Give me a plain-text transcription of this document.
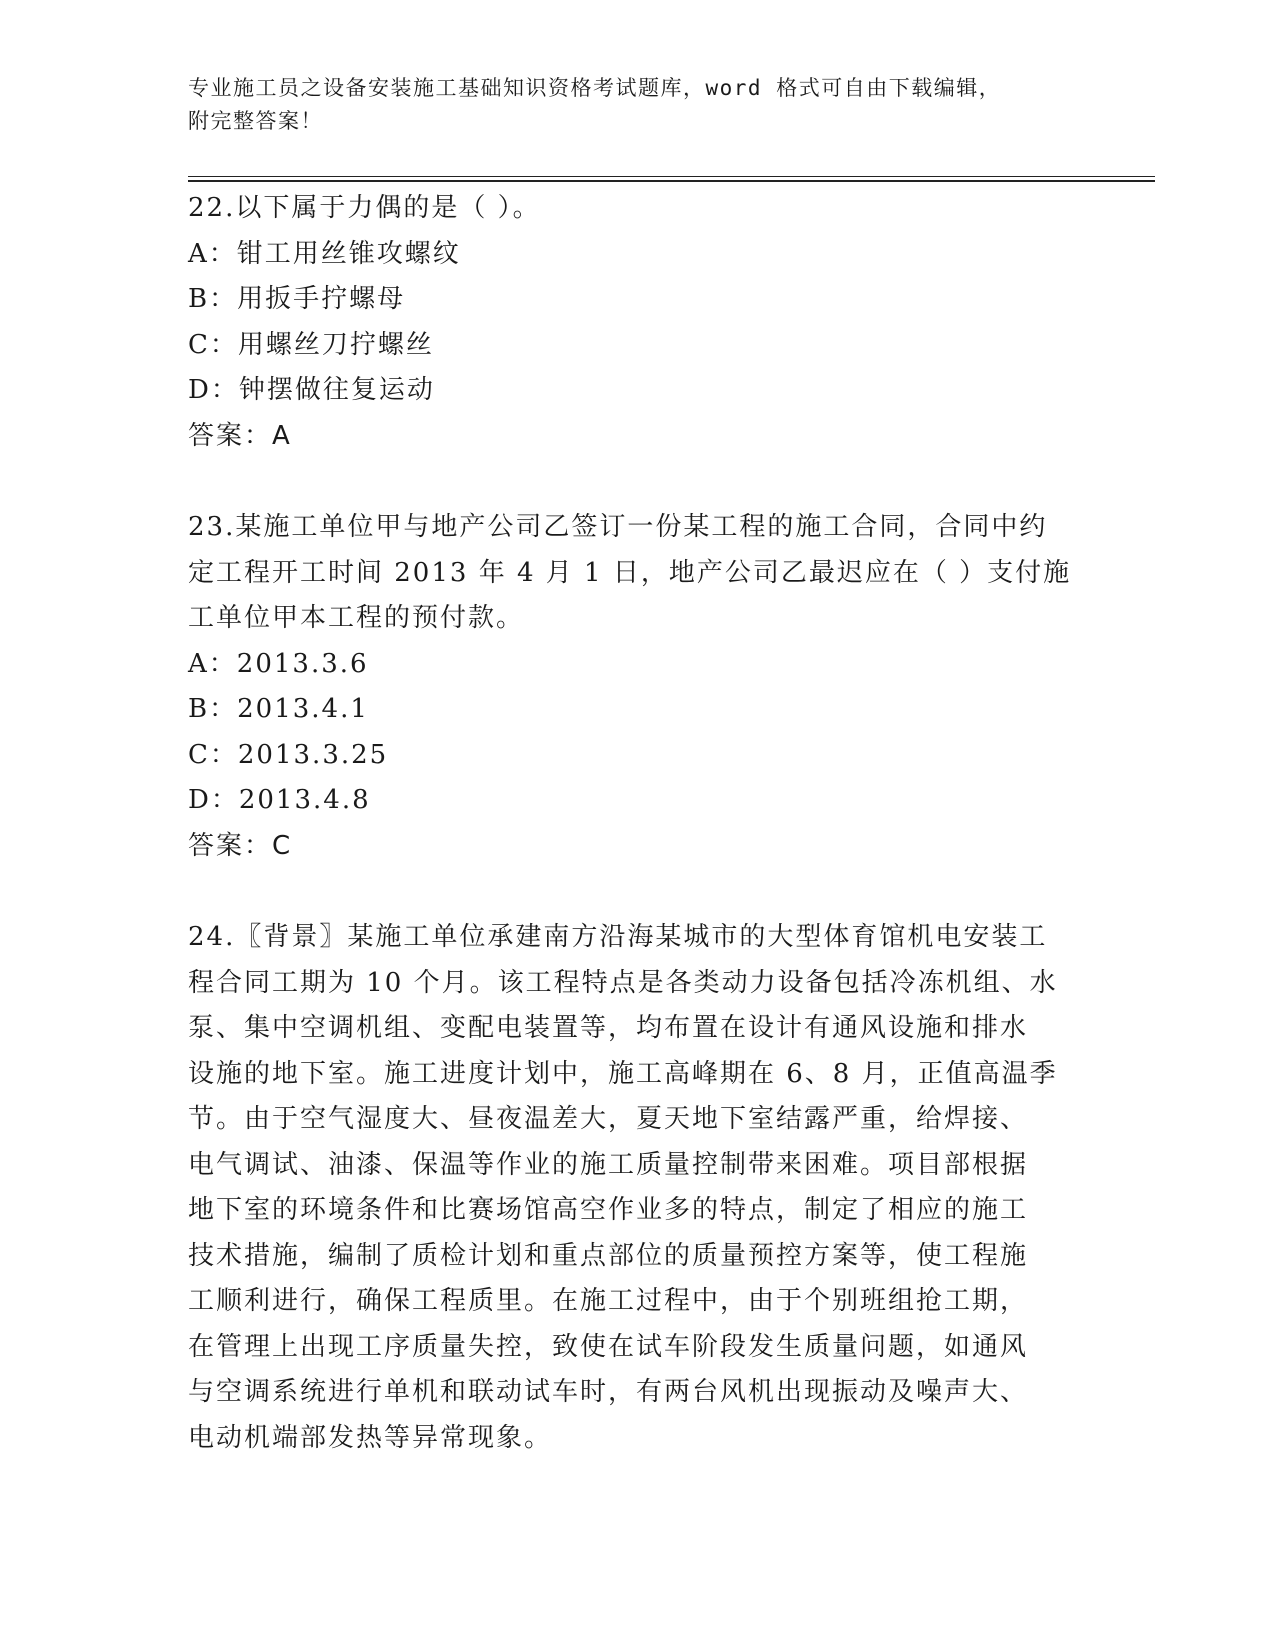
专业施工员之设备安装施工基础知识资格考试题库，word 格式可自由下载编辑，
附完整答案！
22.以下属于力偶的是（ ）。
A：钳工用丝锥攻螺纹
B：用扳手拧螺母
C：用螺丝刀拧螺丝
D：钟摆做往复运动
答案：A
23.某施工单位甲与地产公司乙签订一份某工程的施工合同，合同中约
定工程开工时间 2013 年 4 月 1 日，地产公司乙最迟应在（ ）支付施
工单位甲本工程的预付款。
A：2013.3.6
B：2013.4.1
C：2013.3.25
D：2013.4.8
答案：C
24.〖背景〗某施工单位承建南方沿海某城市的大型体育馆机电安装工
程合同工期为 10 个月。该工程特点是各类动力设备包括冷冻机组、水
泵、集中空调机组、变配电装置等，均布置在设计有通风设施和排水
设施的地下室。施工进度计划中，施工高峰期在 6、8 月，正值高温季
节。由于空气湿度大、昼夜温差大，夏天地下室结露严重，给焊接、
电气调试、油漆、保温等作业的施工质量控制带来困难。项目部根据
地下室的环境条件和比赛场馆高空作业多的特点，制定了相应的施工
技术措施，编制了质检计划和重点部位的质量预控方案等，使工程施
工顺利进行，确保工程质里。在施工过程中，由于个别班组抢工期，
在管理上出现工序质量失控，致使在试车阶段发生质量问题，如通风
与空调系统进行单机和联动试车时，有两台风机出现振动及噪声大、
电动机端部发热等异常现象。
